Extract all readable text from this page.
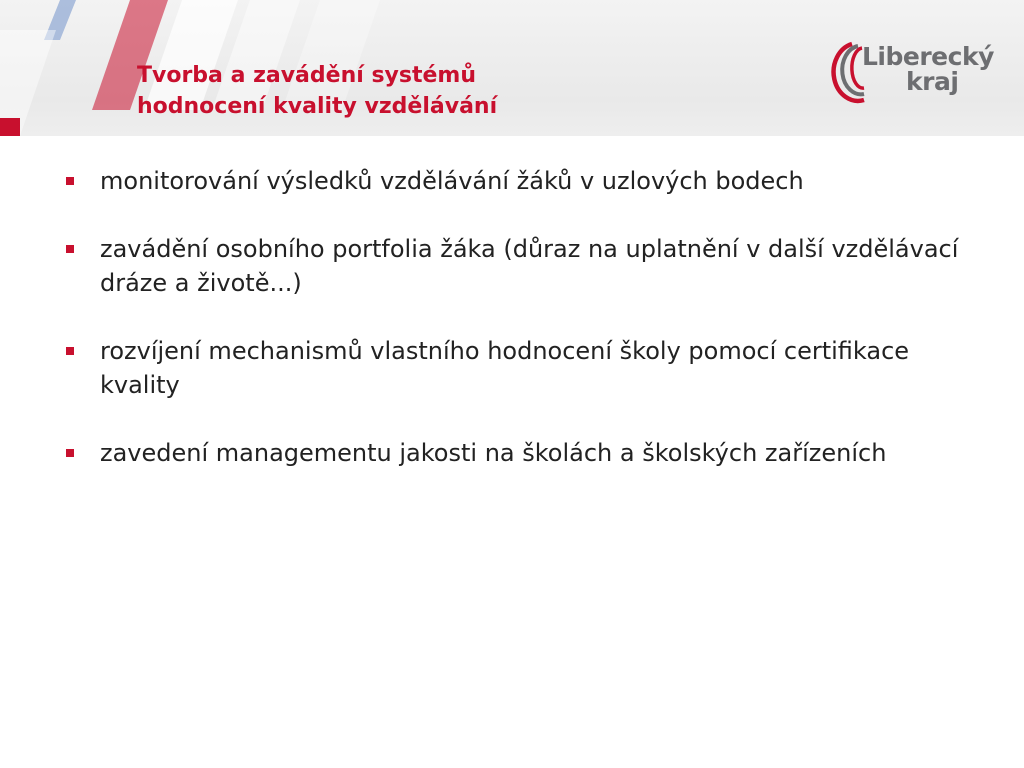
Tvorba a zavádění systémů
hodnocení kvality vzdělávání
Liberecký
kraj
monitorování výsledků vzdělávání žáků v uzlových bodech
zavádění osobního portfolia žáka (důraz na uplatnění v další vzdělávací dráze a životě...)
rozvíjení mechanismů vlastního hodnocení školy pomocí certifikace kvality
zavedení managementu jakosti na školách a školských zařízeních
